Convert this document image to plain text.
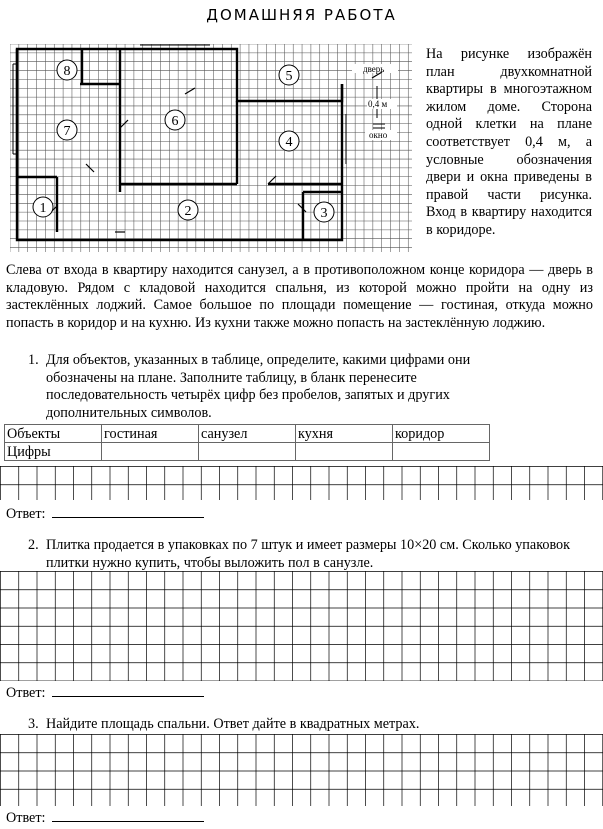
ДОМАШНЯЯ РАБОТА
дверь
0,4 м
окно
1	2	3
4
5
6
7
8

На рисунке изображён план двухкомнатной квартиры в многоэтажном жилом доме. Сторона одной клетки на плане соответствует 0,4 м, а условные обозначения двери и окна приведены в правой части рисунка. Вход в квартиру находится в коридоре.

Слева от входа в квартиру находится санузел, а в противоположном конце коридора — дверь в кладовую. Рядом с кладовой находится спальня, из которой можно пройти на одну из застеклённых лоджий. Самое большое по площади помещение — гостиная, откуда можно попасть в коридор и на кухню. Из кухни также можно попасть на застеклённую лоджию.

1. Для объектов, указанных в таблице, определите, какими цифрами они обозначены на плане. Заполните таблицу, в бланк перенесите последовательность четырёх цифр без пробелов, запятых и других дополнительных символов.
Объекты	гостиная	санузел	кухня	коридор
Цифры				
Ответ:
2. Плитка продается в упаковках по 7 штук и имеет размеры 10×20 см. Сколько упаковок плитки нужно купить, чтобы выложить пол в санузле.
Ответ:
3. Найдите площадь спальни. Ответ дайте в квадратных метрах.
Ответ:
